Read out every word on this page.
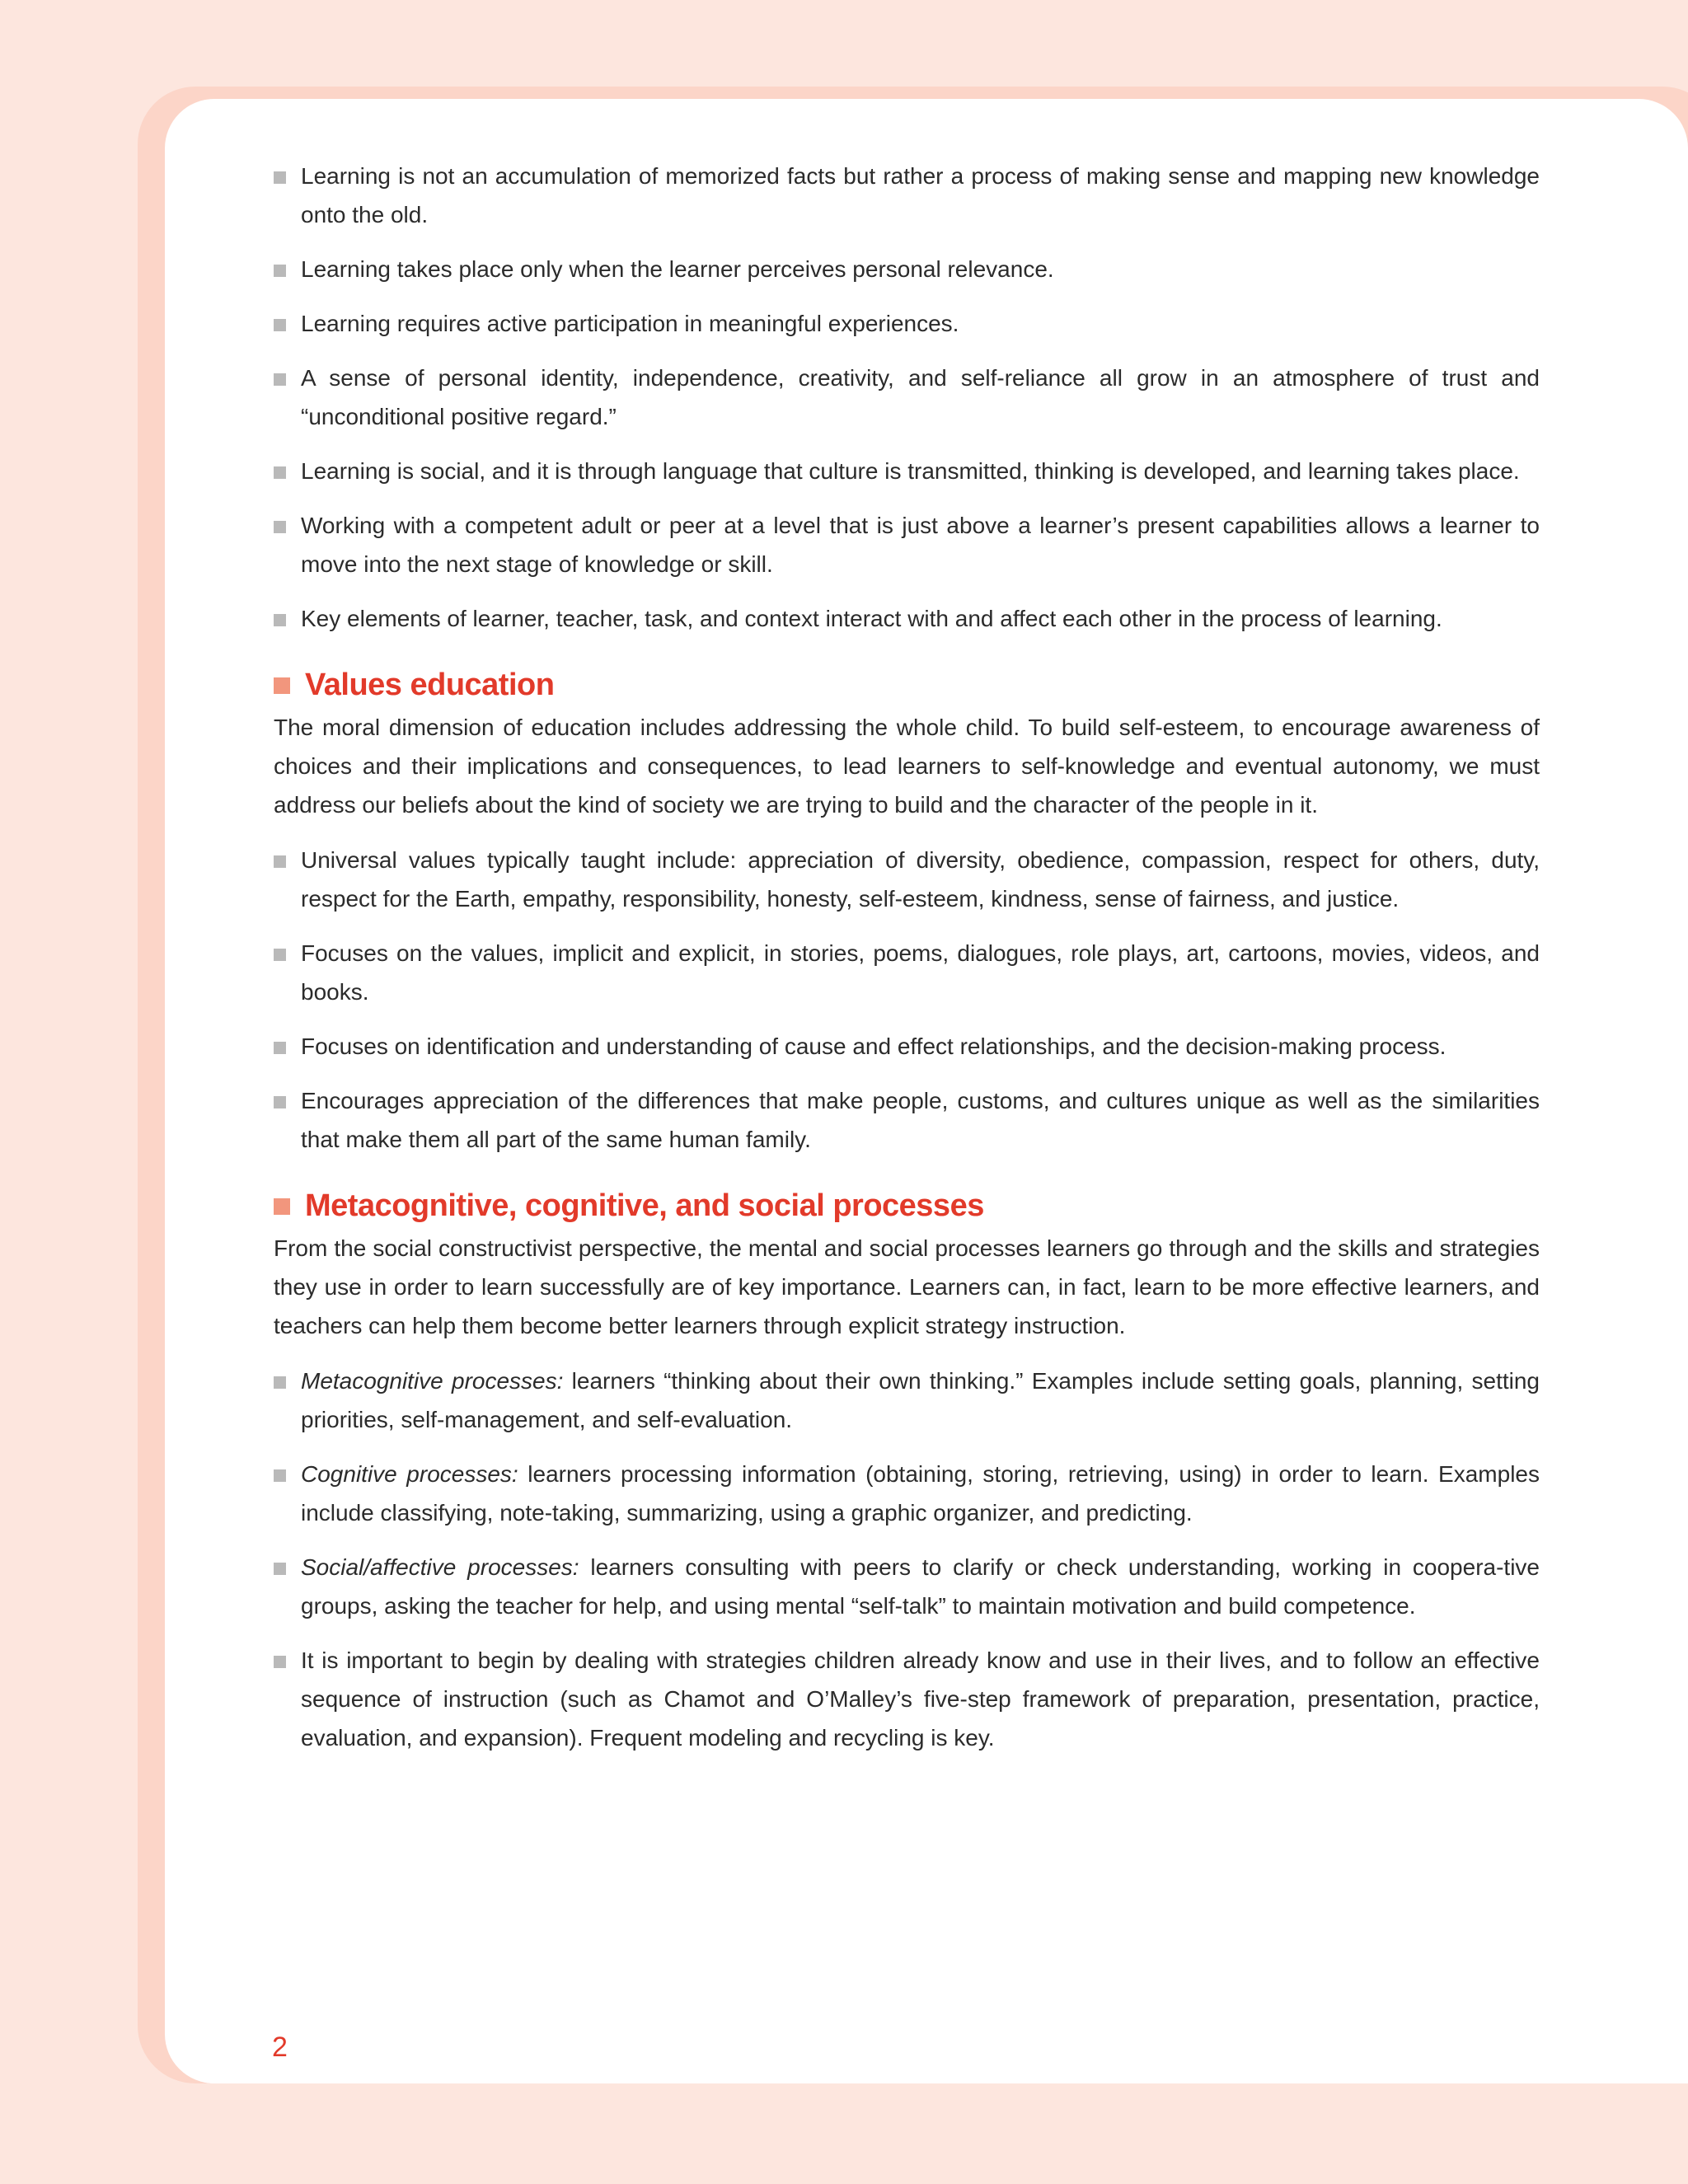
Learning is not an accumulation of memorized facts but rather a process of making sense and mapping new knowledge onto the old.
Learning takes place only when the learner perceives personal relevance.
Learning requires active participation in meaningful experiences.
A sense of personal identity, independence, creativity, and self-reliance all grow in an atmosphere of trust and “unconditional positive regard.”
Learning is social, and it is through language that culture is transmitted, thinking is developed, and learning takes place.
Working with a competent adult or peer at a level that is just above a learner’s present capabilities allows a learner to move into the next stage of knowledge or skill.
Key elements of learner, teacher, task, and context interact with and affect each other in the process of learning.
Values education

The moral dimension of education includes addressing the whole child. To build self-esteem, to encourage awareness of choices and their implications and consequences, to lead learners to self-knowledge and eventual autonomy, we must address our beliefs about the kind of society we are trying to build and the character of the people in it.

Universal values typically taught include: appreciation of diversity, obedience, compassion, respect for others, duty, respect for the Earth, empathy, responsibility, honesty, self-esteem, kindness, sense of fairness, and justice.
Focuses on the values, implicit and explicit, in stories, poems, dialogues, role plays, art, cartoons, movies, videos, and books.
Focuses on identification and understanding of cause and effect relationships, and the decision-making process.
Encourages appreciation of the differences that make people, customs, and cultures unique as well as the similarities that make them all part of the same human family.
Metacognitive, cognitive, and social processes

From the social constructivist perspective, the mental and social processes learners go through and the skills and strategies they use in order to learn successfully are of key importance. Learners can, in fact, learn to be more effective learners, and teachers can help them become better learners through explicit strategy instruction.

Metacognitive processes: learners “thinking about their own thinking.” Examples include setting goals, planning, setting priorities, self-management, and self-evaluation.
Cognitive processes: learners processing information (obtaining, storing, retrieving, using) in order to learn. Examples include classifying, note-taking, summarizing, using a graphic organizer, and predicting.
Social/affective processes: learners consulting with peers to clarify or check understanding, working in coopera-tive groups, asking the teacher for help, and using mental “self-talk” to maintain motivation and build competence.
It is important to begin by dealing with strategies children already know and use in their lives, and to follow an effective sequence of instruction (such as Chamot and O’Malley’s five-step framework of preparation, presentation, practice, evaluation, and expansion). Frequent modeling and recycling is key.
2
